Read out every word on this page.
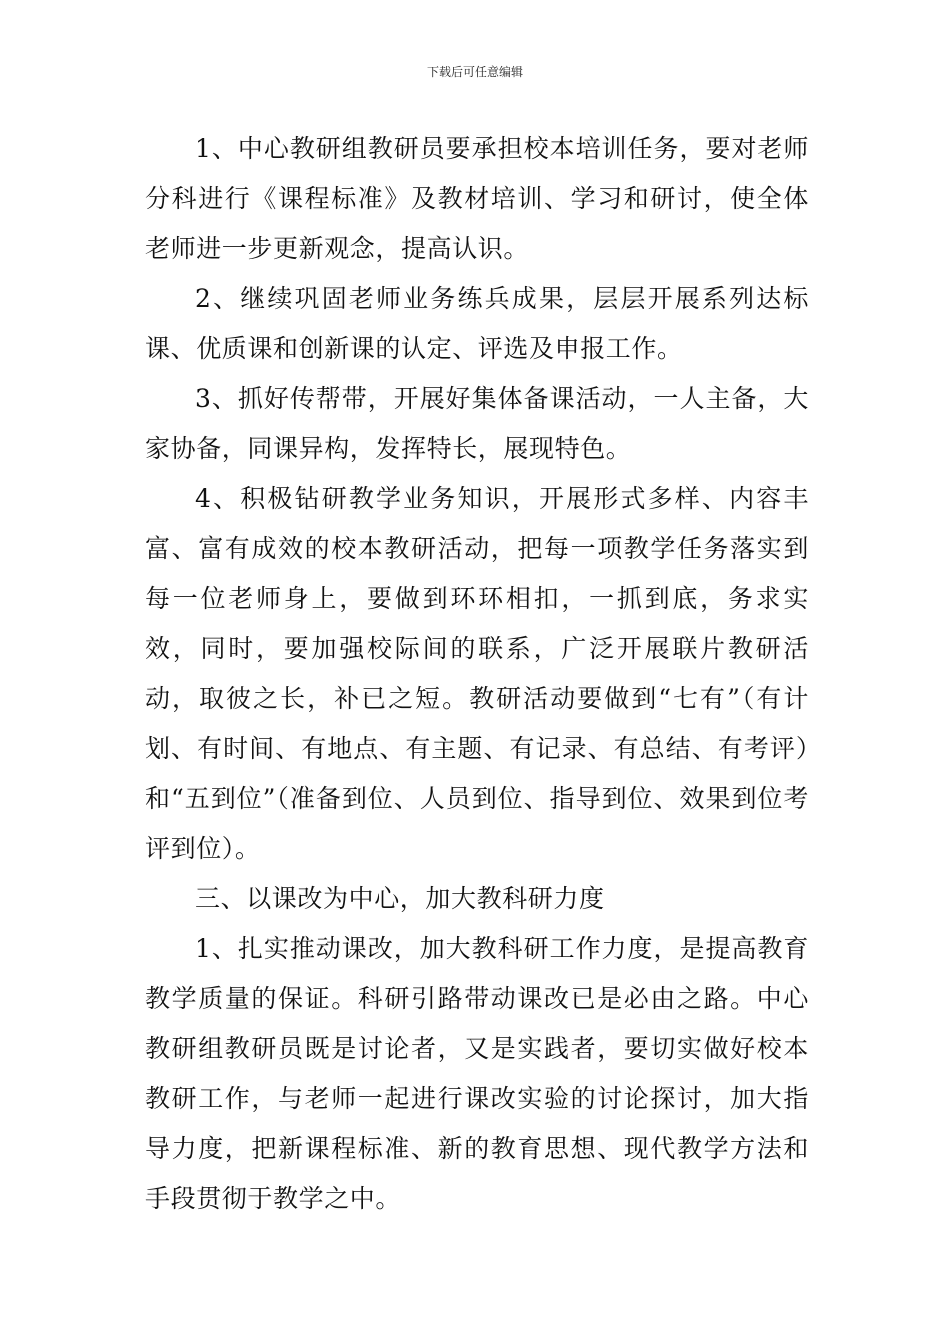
下载后可任意编辑

1、中心教研组教研员要承担校本培训任务，要对老师分科进行《课程标准》及教材培训、学习和研讨，使全体老师进一步更新观念，提高认识。

2、继续巩固老师业务练兵成果，层层开展系列达标课、优质课和创新课的认定、评选及申报工作。

3、抓好传帮带，开展好集体备课活动，一人主备，大家协备，同课异构，发挥特长，展现特色。

4、积极钻研教学业务知识，开展形式多样、内容丰富、富有成效的校本教研活动，把每一项教学任务落实到每一位老师身上，要做到环环相扣，一抓到底，务求实效，同时，要加强校际间的联系，广泛开展联片教研活动，取彼之长，补已之短。教研活动要做到“七有”（有计划、有时间、有地点、有主题、有记录、有总结、有考评）和“五到位”（准备到位、人员到位、指导到位、效果到位考评到位）。

三、以课改为中心，加大教科研力度

1、扎实推动课改，加大教科研工作力度，是提高教育教学质量的保证。科研引路带动课改已是必由之路。中心教研组教研员既是讨论者，又是实践者，要切实做好校本教研工作，与老师一起进行课改实验的讨论探讨，加大指导力度，把新课程标准、新的教育思想、现代教学方法和手段贯彻于教学之中。
